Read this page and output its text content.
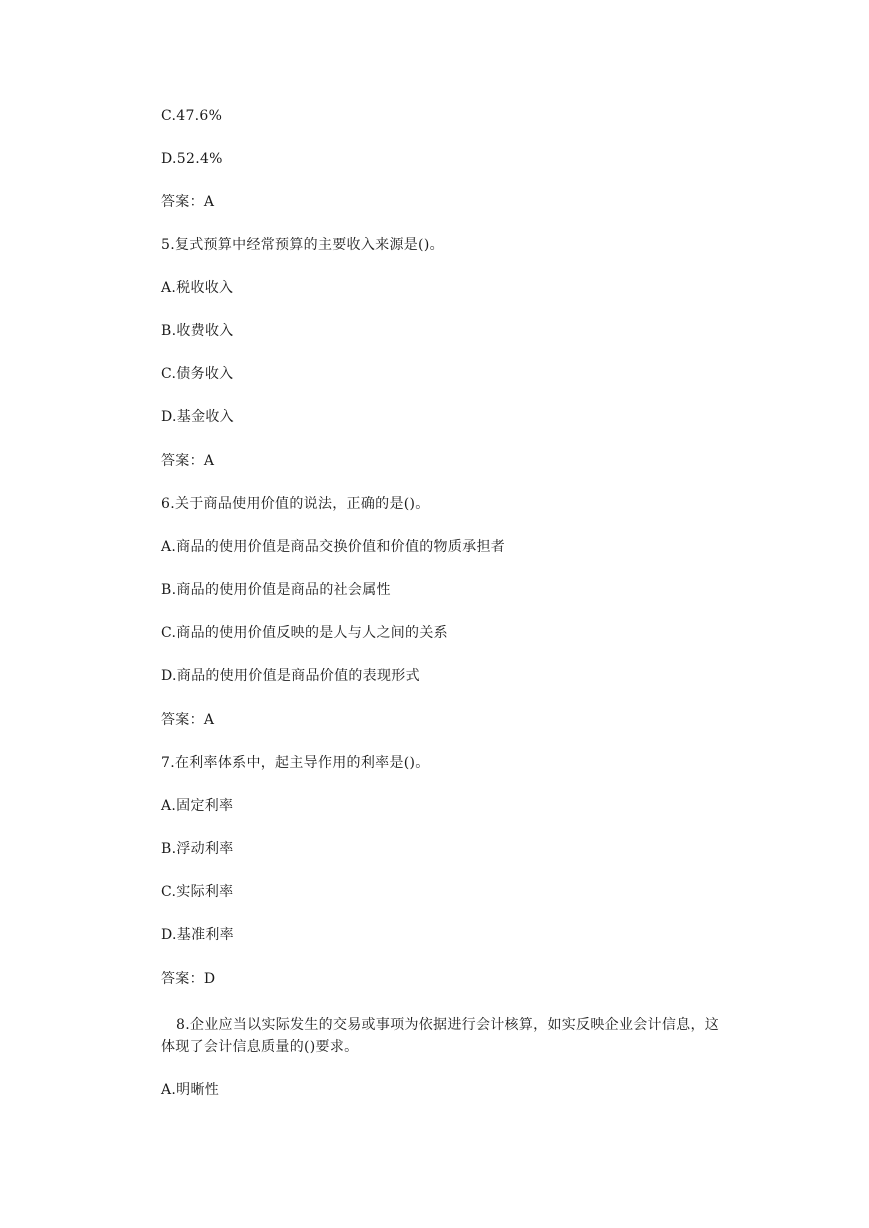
C.47.6%

D.52.4%

答案：A

5.复式预算中经常预算的主要收入来源是()。

A.税收收入

B.收费收入

C.债务收入

D.基金收入

答案：A

6.关于商品使用价值的说法，正确的是()。

A.商品的使用价值是商品交换价值和价值的物质承担者

B.商品的使用价值是商品的社会属性

C.商品的使用价值反映的是人与人之间的关系

D.商品的使用价值是商品价值的表现形式

答案：A

7.在利率体系中，起主导作用的利率是()。

A.固定利率

B.浮动利率

C.实际利率

D.基准利率

答案：D

8.企业应当以实际发生的交易或事项为依据进行会计核算，如实反映企业会计信息，这

体现了会计信息质量的()要求。

A.明晰性
